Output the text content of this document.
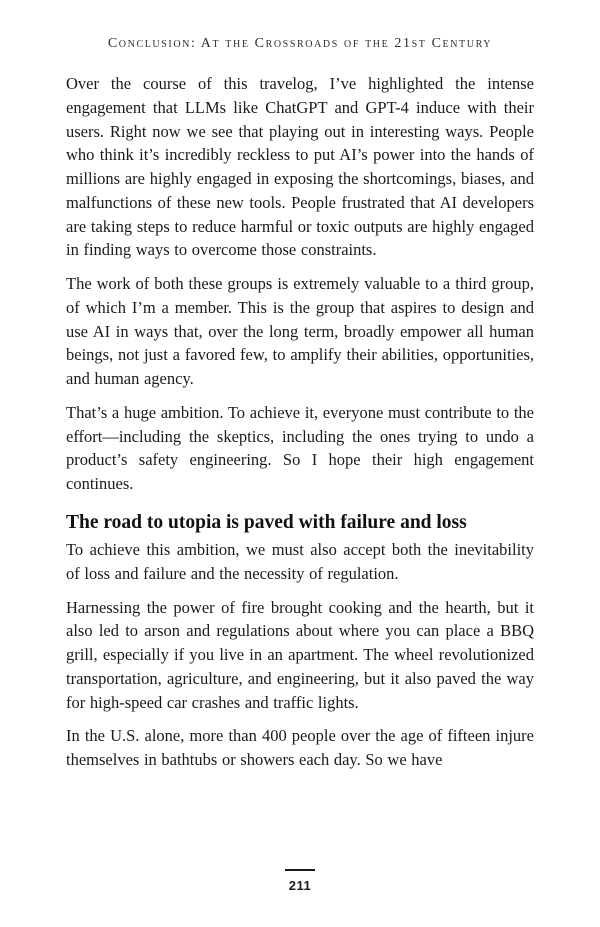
Conclusion: At the Crossroads of the 21st Century

Over the course of this travelog, I’ve highlighted the intense engagement that LLMs like ChatGPT and GPT-4 induce with their users. Right now we see that playing out in interesting ways. People who think it’s incredibly reckless to put AI’s power into the hands of millions are highly engaged in exposing the shortcomings, biases, and malfunctions of these new tools. People frustrated that AI developers are taking steps to reduce harmful or toxic outputs are highly engaged in finding ways to overcome those constraints.

The work of both these groups is extremely valuable to a third group, of which I’m a member. This is the group that aspires to design and use AI in ways that, over the long term, broadly empower all human beings, not just a favored few, to amplify their abilities, opportunities, and human agency.

That’s a huge ambition. To achieve it, everyone must contribute to the effort—including the skeptics, including the ones trying to undo a product’s safety engineering. So I hope their high engagement continues.

The road to utopia is paved with failure and loss

To achieve this ambition, we must also accept both the inevitability of loss and failure and the necessity of regulation.

Harnessing the power of fire brought cooking and the hearth, but it also led to arson and regulations about where you can place a BBQ grill, especially if you live in an apartment. The wheel revolutionized transportation, agriculture, and engineering, but it also paved the way for high-speed car crashes and traffic lights.

In the U.S. alone, more than 400 people over the age of fifteen injure themselves in bathtubs or showers each day. So we have

211
